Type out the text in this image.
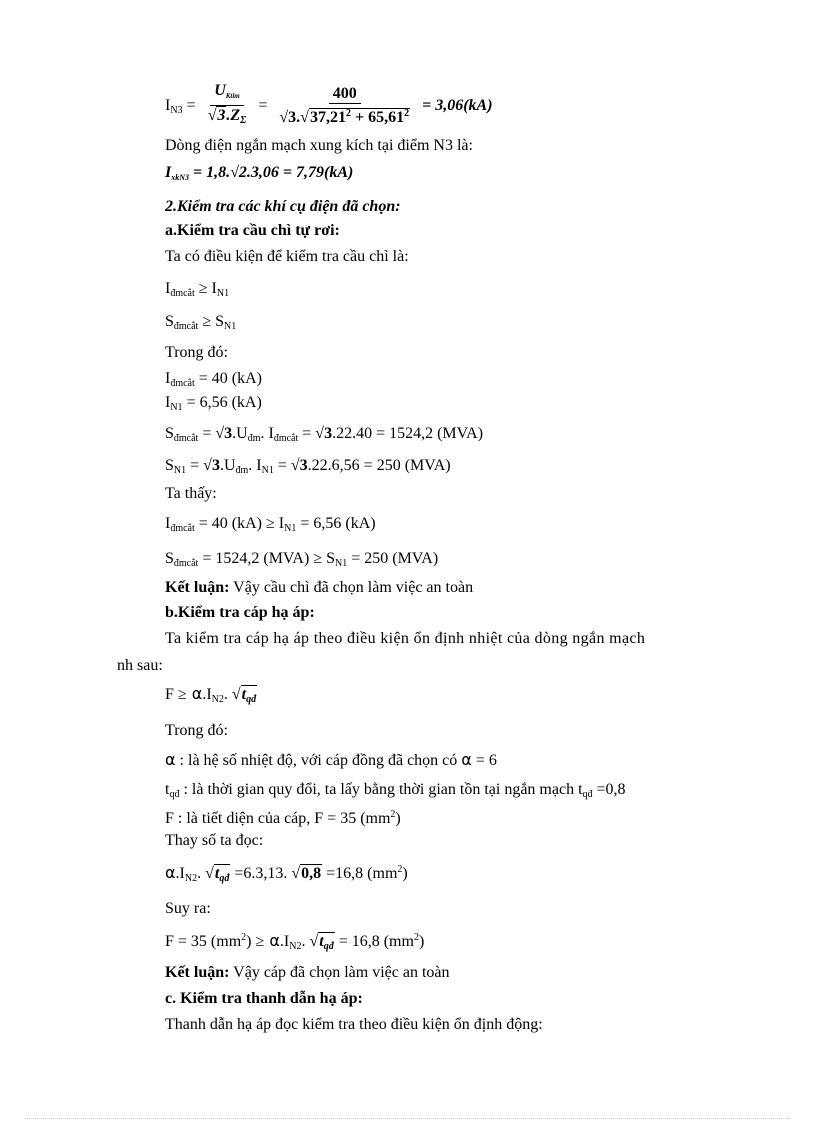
$I_{N3} = \frac{U_{Ktim}}{√3.Z_\Sigma} = \frac{400}{√3.√37,21^2 + 65,61^2} = 3,06(kA)$
Dòng điện ngắn mạch xung kích tại điểm N3 là:
$I_{xkN3} = 1,8.√2.3,06 = 7,79(kA)$
2.Kiểm tra các khí cụ điện đã chọn:
a.Kiểm tra cầu chì tự rơi:
Ta có điều kiện để kiểm tra cầu chì là:
$I_{đmcắt} \ge I_{N1}$
$S_{đmcắt} \ge S_{N1}$
Trong đó:
$I_{đmcắt} = 40$ (kA)
$I_{N1} = 6,56$ (kA)
$S_{đmcắt} = √3.U_{đm}$. $I_{đmcắt} = √3.22.40 = 1524,2$ (MVA)
$S_{N1} = √3.U_{đm}$. $I_{N1} = √3.22.6,56 = 250$ (MVA)
Ta thấy:
$I_{đmcắt} = 40$ $(kA) \ge I_{N1} = 6,56$ (kA)
$S_{đmcắt} = 1524,2$ $(MVA) \ge S_{N1} = 250$ (MVA)
Kết luận: Vậy cầu chì đã chọn làm việc an toàn
b.Kiểm tra cáp hạ áp:
Ta kiểm tra cáp hạ áp theo điều kiện ổn định nhiệt của dòng ngắn mạch
nh sau:
$F \ge \alpha.I_{N2}$. $√t_{qđ}$
Trong đó:
α : là hệ số nhiệt độ, với cáp đồng đã chọn có α = 6
$t_{qđ}$ : là thời gian quy đổi, ta lấy bằng thời gian tồn tại ngắn mạch $t_{qđ} =0,8$
F : là tiết diện của cáp, F = 35 $(mm^2)$
Thay số ta đọc:
$\alpha.I_{N2}$. $√t_{qđ} =6.3,13$. √0,8 =16,8 $(mm^2)$
Suy ra:
F = 35 $(mm^2) \ge \alpha.I_{N2}$. $√t_{qđ} = 16,8$ $(mm^2)$
Kết luận: Vậy cáp đã chọn làm việc an toàn
c. Kiểm tra thanh dẫn hạ áp:
Thanh dẫn hạ áp đọc kiểm tra theo điều kiện ổn định động:
